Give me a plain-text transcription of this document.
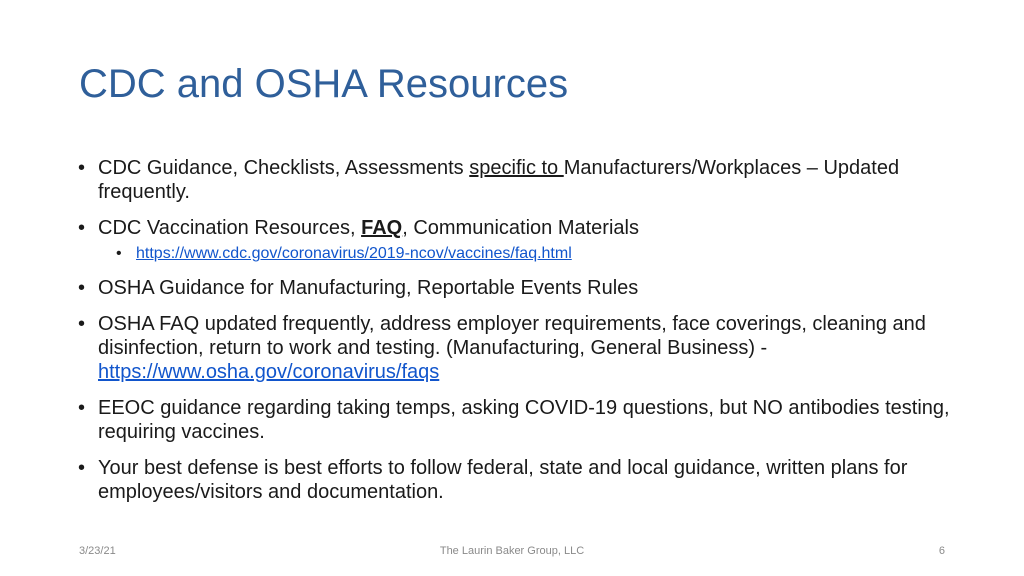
CDC and OSHA Resources
• CDC Guidance, Checklists, Assessments specific to Manufacturers/Workplaces – Updated frequently.
• CDC Vaccination Resources, FAQ, Communication Materials
• https://www.cdc.gov/coronavirus/2019-ncov/vaccines/faq.html
• OSHA Guidance for Manufacturing, Reportable Events Rules
• OSHA FAQ updated frequently, address employer requirements, face coverings, cleaning and disinfection, return to work and testing. (Manufacturing, General Business) - https://www.osha.gov/coronavirus/faqs
• EEOC guidance regarding taking temps, asking COVID-19 questions, but NO antibodies testing, requiring vaccines.
• Your best defense is best efforts to follow federal, state and local guidance, written plans for employees/visitors and documentation.
3/23/21	The Laurin Baker Group, LLC	6
